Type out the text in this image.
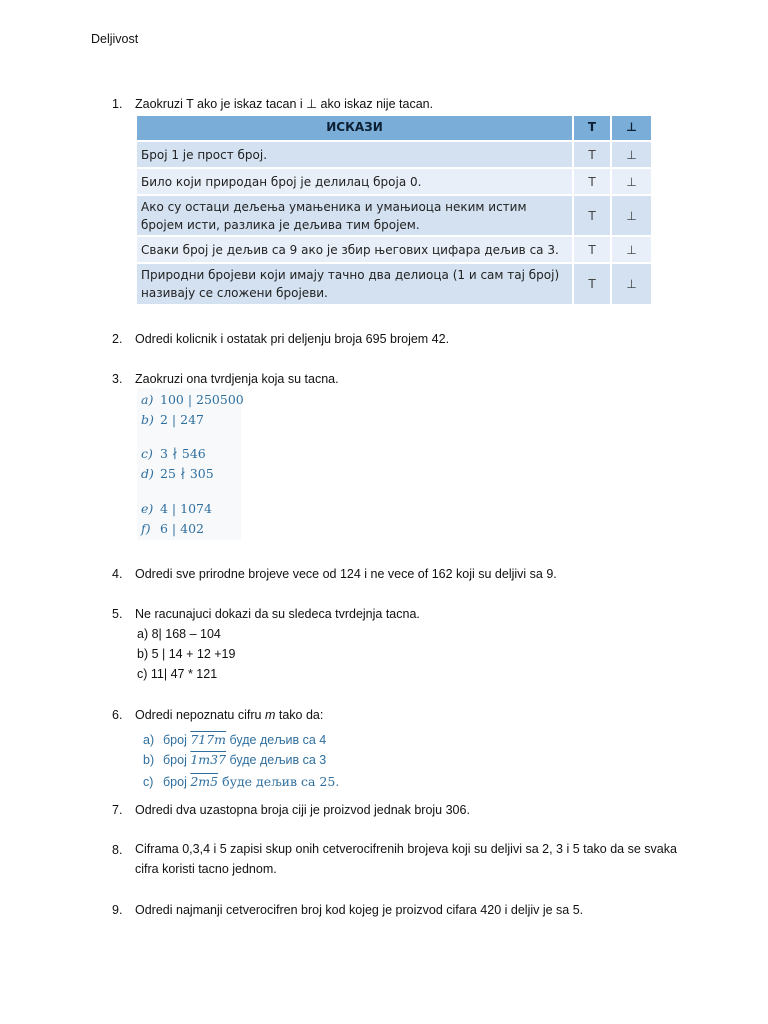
Deljivost
1.	Zaokruzi T ako je iskaz tacan i ⊥ ako iskaz nije tacan.
ИСКАЗИ	Т	⊥
Број 1 је прост број.	Т	⊥
Било који природан број је делилац броја 0.	Т	⊥
Ако су остаци дељења умањеника и умањиоца неким истим бројем исти, разлика је дељива тим бројем.	Т	⊥
Сваки број је дељив са 9 ако је збир његових цифара дељив са 3.	Т	⊥
Природни бројеви који имају тачно два делиоца (1 и сам тај број) називају се сложени бројеви.	Т	⊥
2.	Odredi kolicnik i ostatak pri deljenju broja 695 brojem 42.
3.	Zaokruzi ona tvrdjenja koja su tacna.
a) 100 | 250500
b) 2 | 247
c) 3 ∤ 546
d) 25 ∤ 305
e) 4 | 1074
f) 6 | 402
4.	Odredi sve prirodne brojeve vece od 124 i ne vece of 162 koji su deljivi sa 9.
5.	Ne racunajuci dokazi da su sledeca tvrdejnja tacna.
a) 8| 168 – 104
b) 5 | 14 + 12 +19
c) 11| 47 * 121
6.	Odredi nepoznatu cifru m tako da:
a) број 717m буде дељив са 4
b) број 1m37 буде дељив са 3
c) број 2m5 буде дељив са 25.
7.	Odredi dva uzastopna broja ciji je proizvod jednak broju 306.
8.	Ciframa 0,3,4 i 5 zapisi skup onih cetverocifrenih brojeva koji su deljivi sa 2, 3 i 5 tako da se svaka cifra koristi tacno jednom.
9.	Odredi najmanji cetverocifren broj kod kojeg je proizvod cifara 420 i deljiv je sa 5.
